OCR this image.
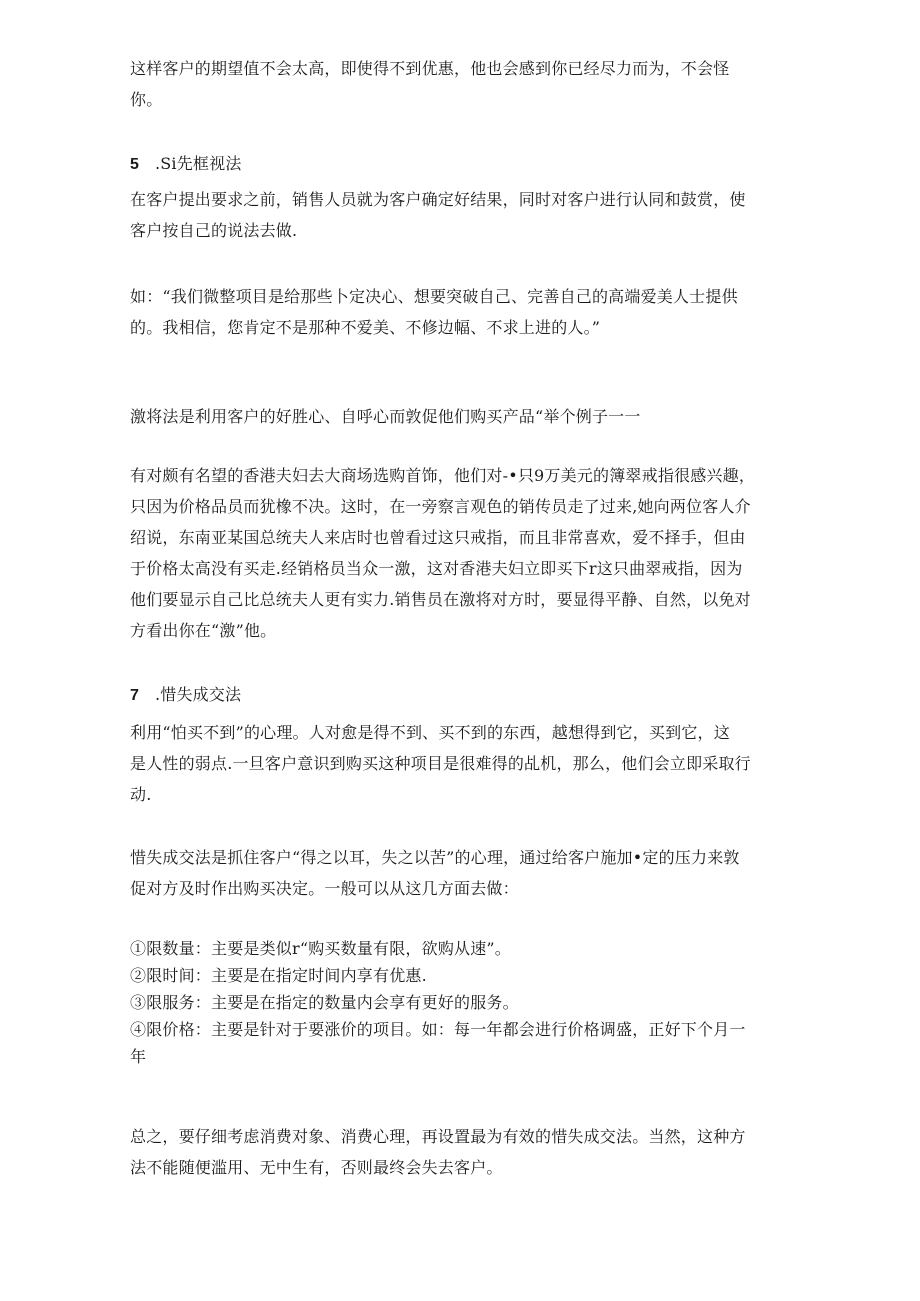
这样客户的期望值不会太高，即使得不到优惠，他也会感到你已经尽力而为，不会怪
你。

5 .Si先框视法

在客户提出要求之前，销售人员就为客户确定好结果，同时对客户进行认同和鼓赏，使
客户按自己的说法去做.

如：“我们微整项目是给那些卜定决心、想要突破自己、完善自己的高端爱美人士提供
的。我相信，您肯定不是那种不爱美、不修边幅、不求上进的人。”

激将法是利用客户的好胜心、自呼心而敦促他们购买产品“举个例子一一

有对颇有名望的香港夫妇去大商场选购首饰，他们对-•只9万美元的簿翠戒指很感兴趣，
只因为价格品员而犹橡不决。这时，在一旁察言观色的销传员走了过来,她向两位客人介
绍说，东南亚某国总统夫人来店时也曾看过这只戒指，而且非常喜欢，爱不择手，但由
于价格太高没有买走.经销格员当众一激，这对香港夫妇立即买下r这只曲翠戒指，因为
他们要显示自己比总统夫人更有实力.销售员在激将对方时，要显得平静、自然，以免对
方看出你在“激”他。

7 .惜失成交法

利用“怕买不到”的心理。人对愈是得不到、买不到的东西，越想得到它，买到它，这
是人性的弱点.一旦客户意识到购买这种项目是很难得的乩机，那么，他们会立即采取行
动.

惜失成交法是抓住客户“得之以耳，失之以苦”的心理，通过给客户施加•定的压力来敦
促对方及时作出购买决定。一般可以从这几方面去做：

①限数量：主要是类似r“购买数量有限，欲购从速”。
②限时间：主要是在指定时间内享有优惠.
③限服务：主要是在指定的数量内会享有更好的服务。
④限价格：主要是针对于要涨价的项目。如：每一年都会进行价格调盛，正好下个月一
年

总之，要仔细考虑消费对象、消费心理，再设置最为有效的惜失成交法。当然，这种方
法不能随便滥用、无中生有，否则最终会失去客户。
